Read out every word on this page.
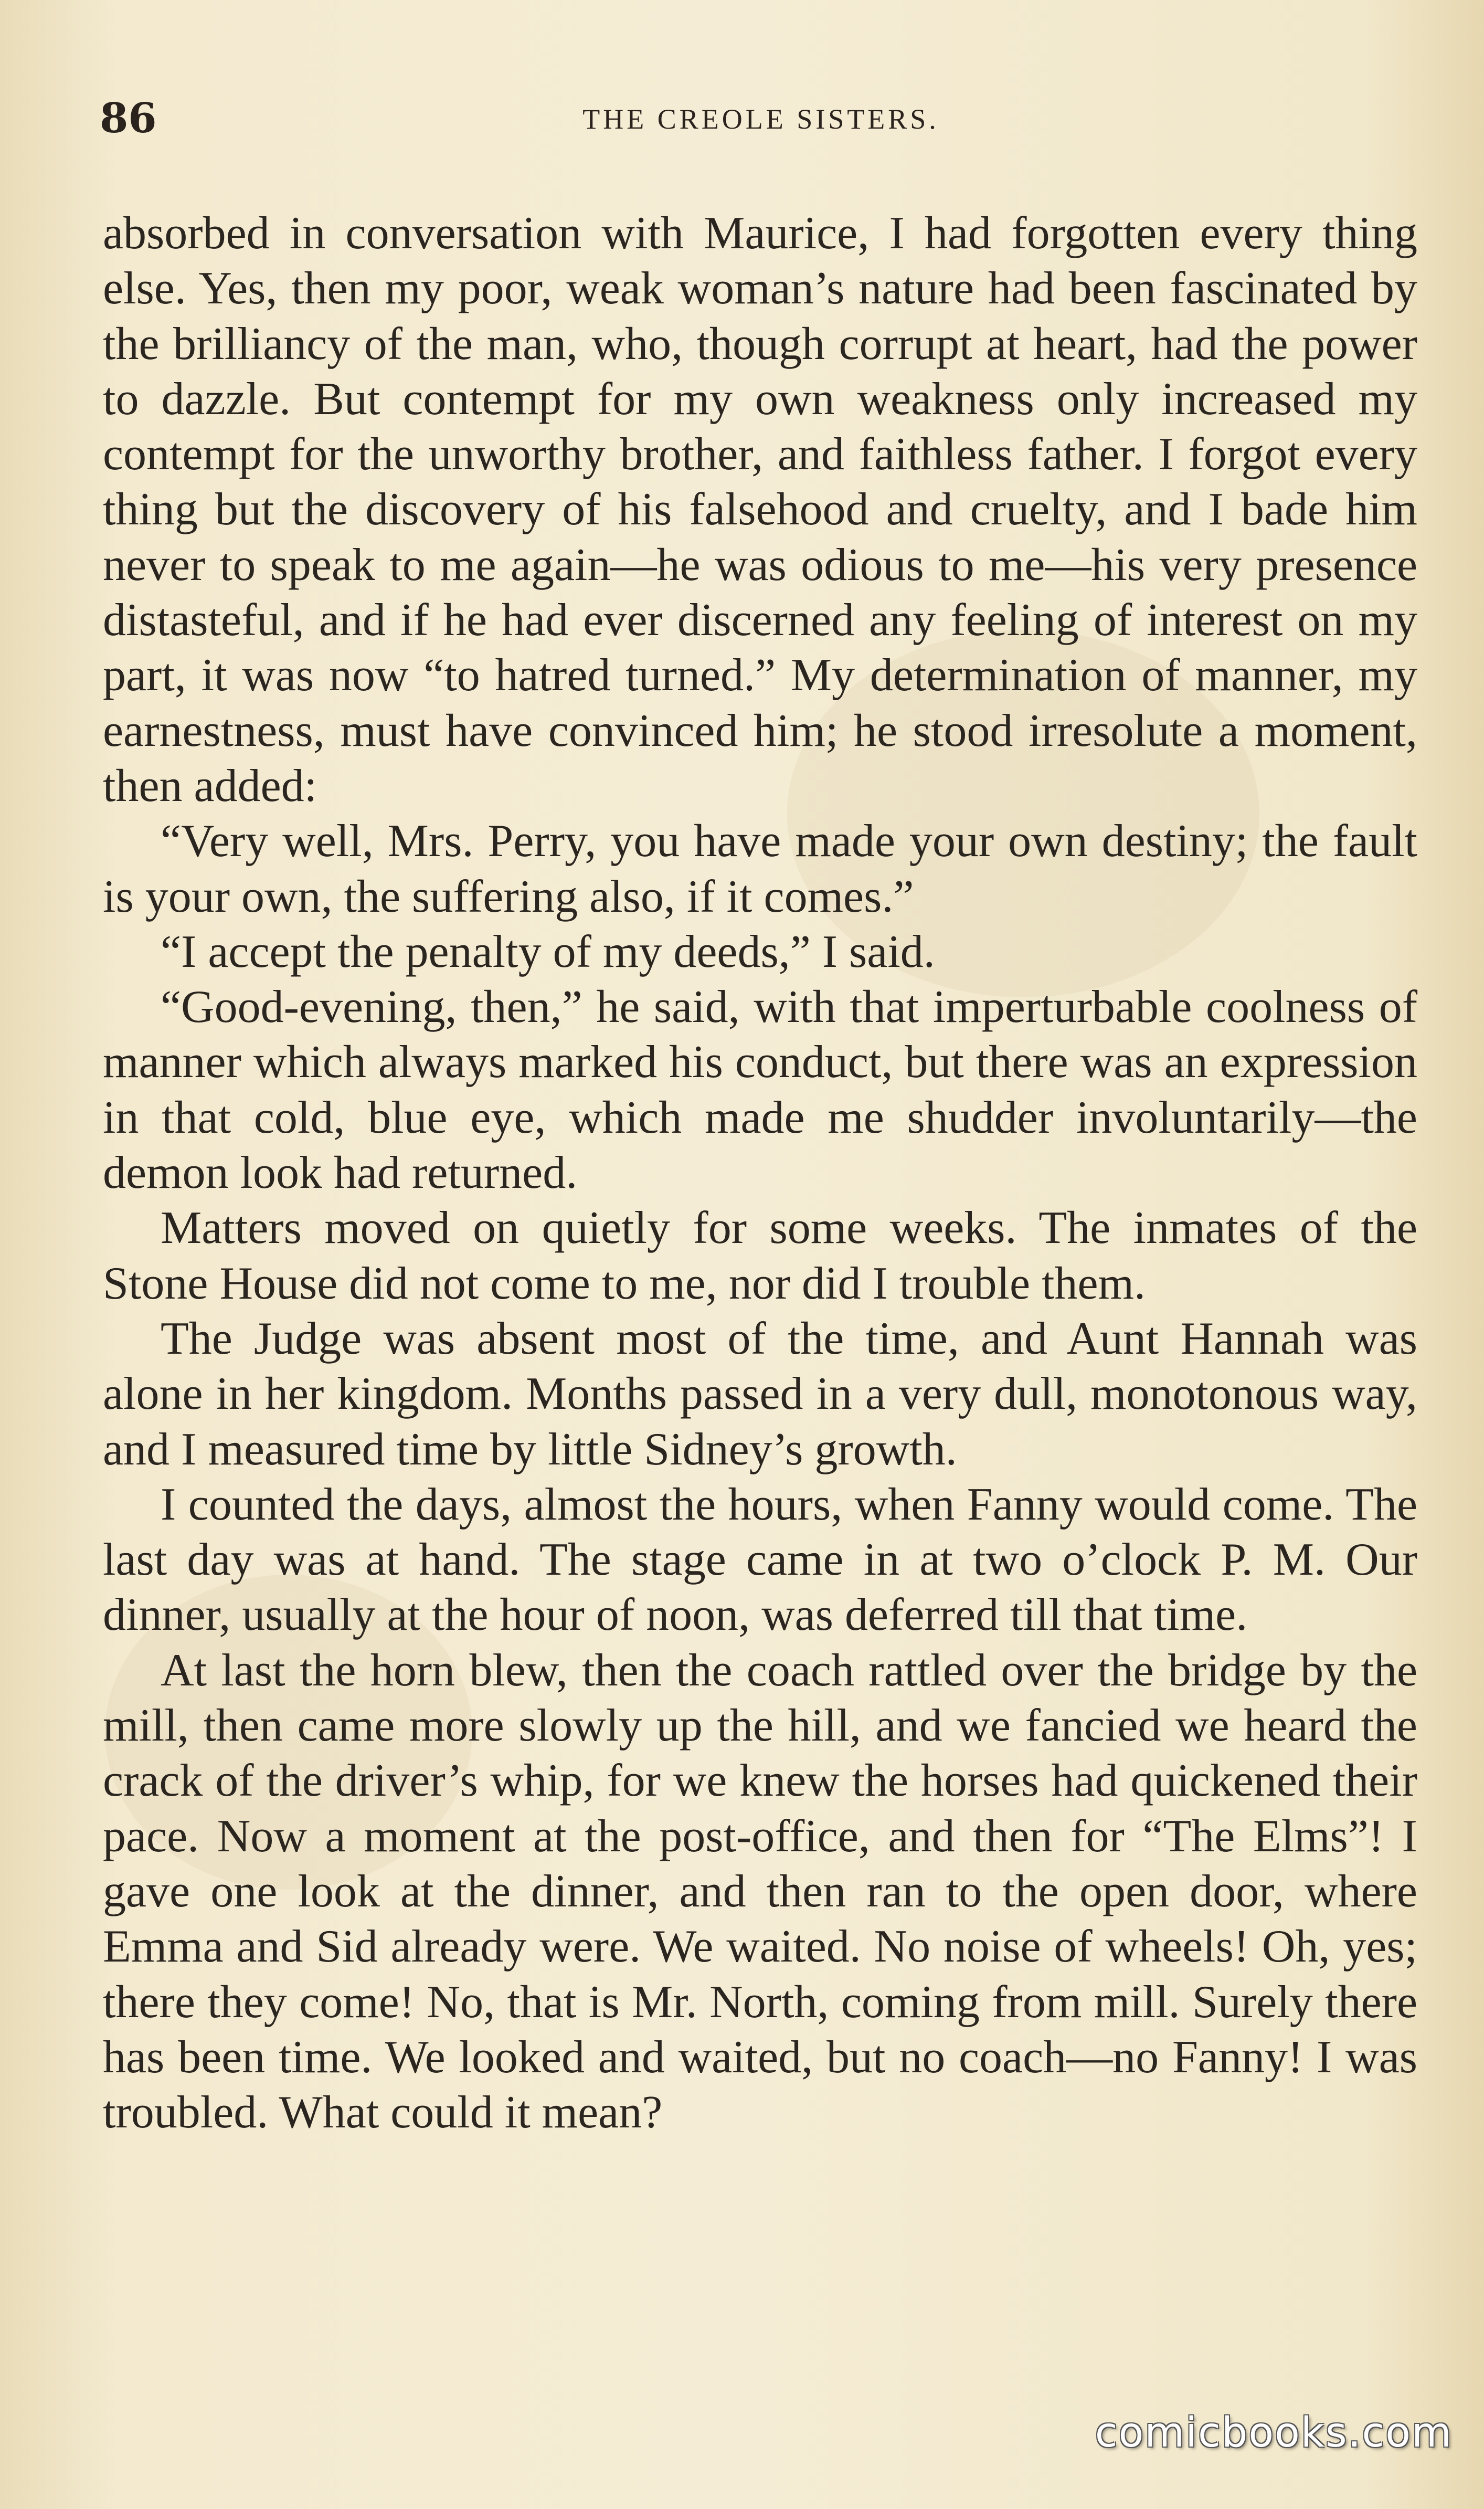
86	THE CREOLE SISTERS.

absorbed in conversation with Maurice, I had forgotten every thing else. Yes, then my poor, weak woman’s nature had been fascinated by the brilliancy of the man, who, though corrupt at heart, had the power to dazzle. But contempt for my own weakness only increased my contempt for the unworthy brother, and faithless father. I forgot every thing but the discovery of his falsehood and cruelty, and I bade him never to speak to me again—he was odious to me—his very presence distasteful, and if he had ever discerned any feeling of interest on my part, it was now “to hatred turned.” My determination of manner, my earnestness, must have convinced him; he stood irresolute a moment, then added:

“Very well, Mrs. Perry, you have made your own destiny; the fault is your own, the suffering also, if it comes.”

“I accept the penalty of my deeds,” I said.

“Good-evening, then,” he said, with that imperturbable coolness of manner which always marked his conduct, but there was an expression in that cold, blue eye, which made me shudder involuntarily—the demon look had returned.

Matters moved on quietly for some weeks. The inmates of the Stone House did not come to me, nor did I trouble them.

The Judge was absent most of the time, and Aunt Hannah was alone in her kingdom. Months passed in a very dull, monotonous way, and I measured time by little Sidney’s growth.

I counted the days, almost the hours, when Fanny would come. The last day was at hand. The stage came in at two o’clock P. M. Our dinner, usually at the hour of noon, was deferred till that time.

At last the horn blew, then the coach rattled over the bridge by the mill, then came more slowly up the hill, and we fancied we heard the crack of the driver’s whip, for we knew the horses had quickened their pace. Now a moment at the post-office, and then for “The Elms”! I gave one look at the dinner, and then ran to the open door, where Emma and Sid already were. We waited. No noise of wheels! Oh, yes; there they come! No, that is Mr. North, coming from mill. Surely there has been time. We looked and waited, but no coach—no Fanny! I was troubled. What could it mean?

comicbooks.com
